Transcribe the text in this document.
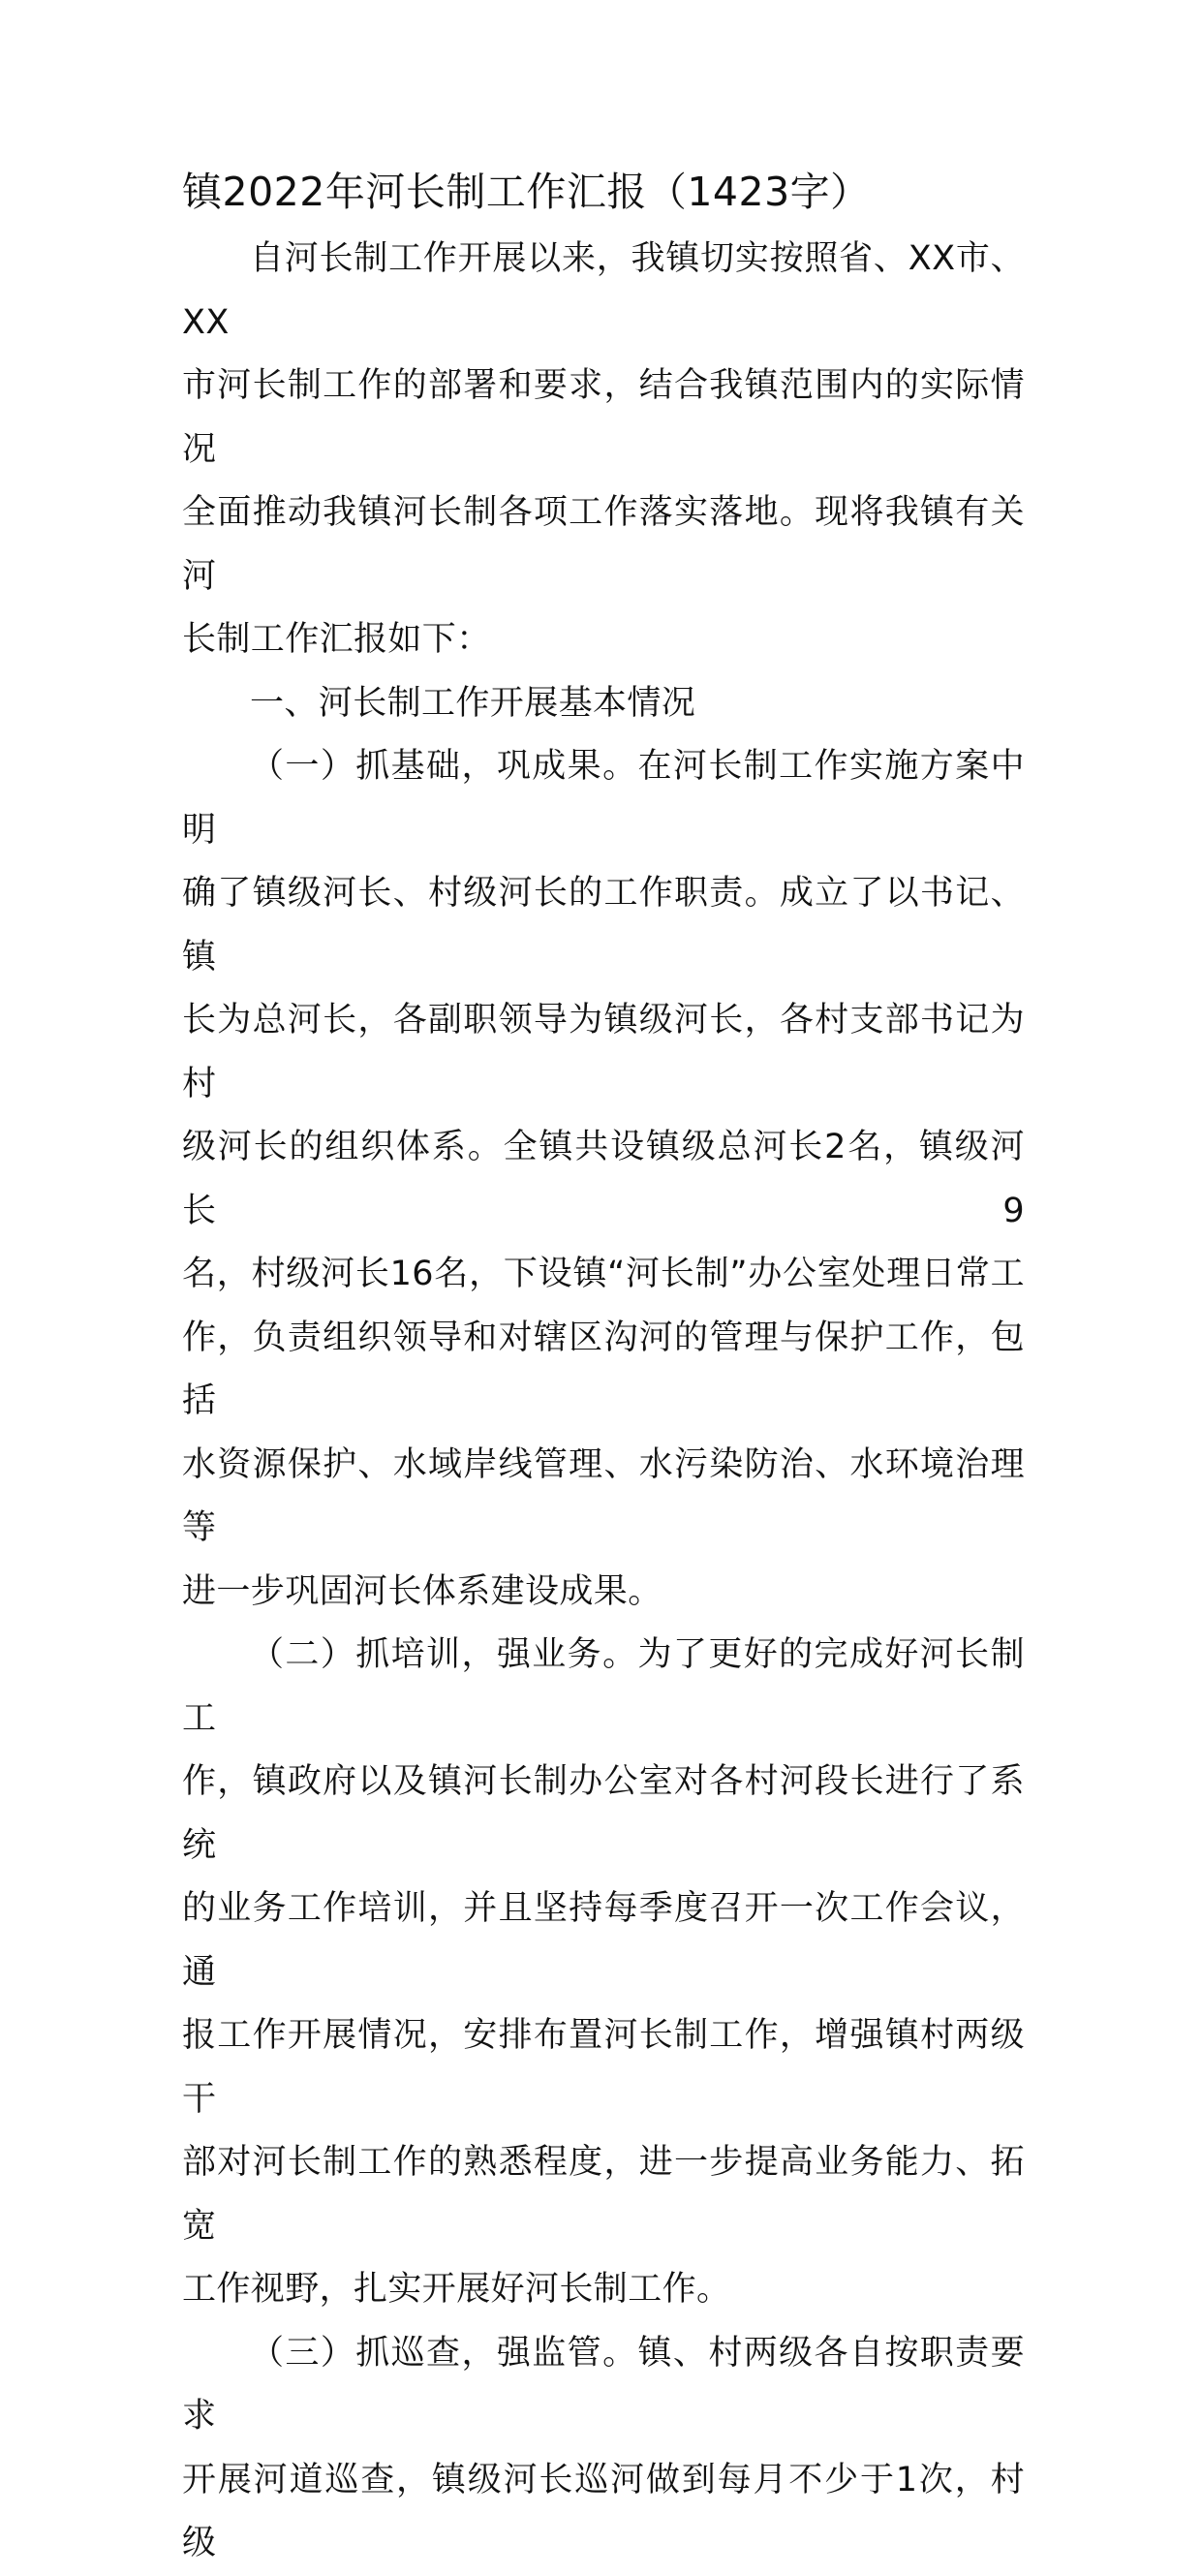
镇2022年河长制工作汇报（1423字）

自河长制工作开展以来，我镇切实按照省、XX市、XX
市河长制工作的部署和要求，结合我镇范围内的实际情况
全面推动我镇河长制各项工作落实落地。现将我镇有关河
长制工作汇报如下：

一、河长制工作开展基本情况

（一）抓基础，巩成果。在河长制工作实施方案中明
确了镇级河长、村级河长的工作职责。成立了以书记、镇
长为总河长，各副职领导为镇级河长，各村支部书记为村
级河长的组织体系。全镇共设镇级总河长2名，镇级河长9
名，村级河长16名，下设镇“河长制”办公室处理日常工
作，负责组织领导和对辖区沟河的管理与保护工作，包括
水资源保护、水域岸线管理、水污染防治、水环境治理等
进一步巩固河长体系建设成果。

（二）抓培训，强业务。为了更好的完成好河长制工
作，镇政府以及镇河长制办公室对各村河段长进行了系统
的业务工作培训，并且坚持每季度召开一次工作会议，通
报工作开展情况，安排布置河长制工作，增强镇村两级干
部对河长制工作的熟悉程度，进一步提高业务能力、拓宽
工作视野，扎实开展好河长制工作。

（三）抓巡查，强监管。镇、村两级各自按职责要求
开展河道巡查，镇级河长巡河做到每月不少于1次，村级
